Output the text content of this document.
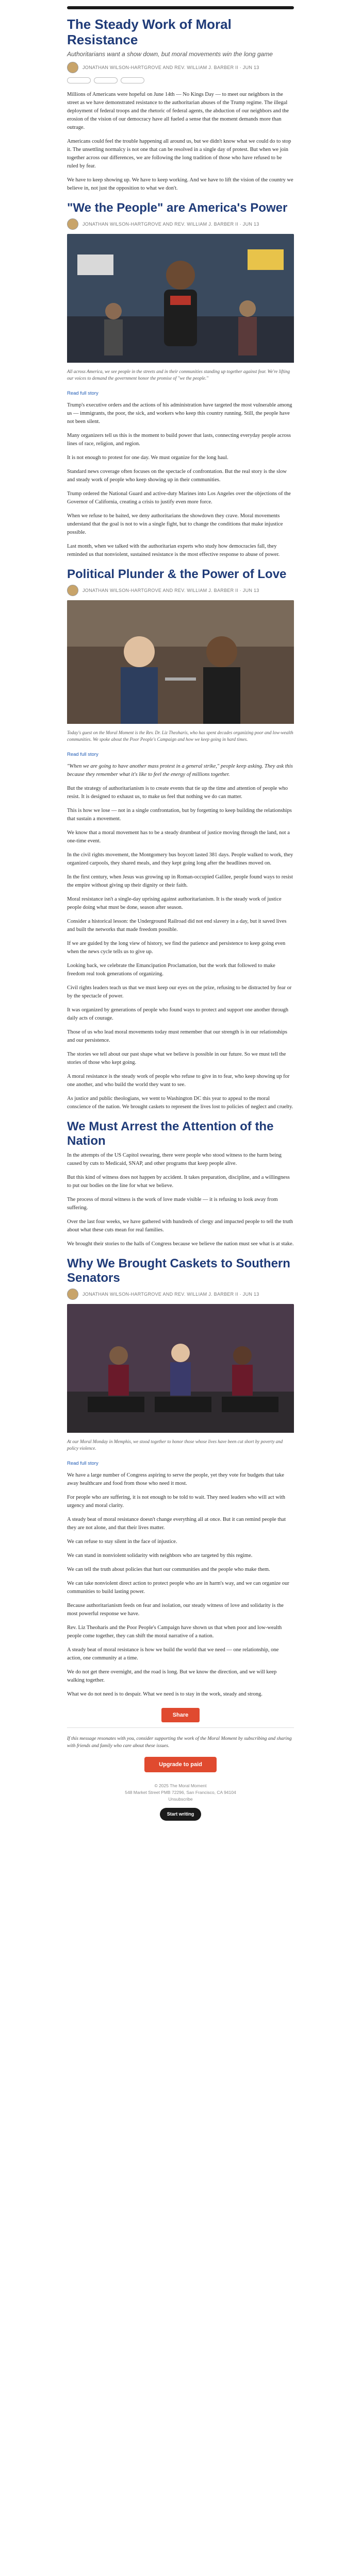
The Steady Work of Moral Resistance
Authoritarians want a show down, but moral movements win the long game
JONATHAN WILSON-HARTGROVE AND REV. WILLIAM J. BARBER II · JUN 13

Millions of Americans were hopeful on June 14th — No Kings Day — to meet our neighbors in the street as we have demonstrated resistance to the authoritarian abuses of the Trump regime. The illegal deployment of federal troops and the rhetoric of federal agents, the abduction of our neighbors and the erosion of the vision of our democracy have all fueled a sense that the moment demands more than outrage.

Americans could feel the trouble happening all around us, but we didn't know what we could do to stop it. The unsettling normalcy is not one that can be resolved in a single day of protest. But when we join together across our differences, we are following the long tradition of those who have refused to be ruled by fear.

We have to keep showing up. We have to keep working. And we have to lift the vision of the country we believe in, not just the opposition to what we don't.

"We the People" are America's Power
JONATHAN WILSON-HARTGROVE AND REV. WILLIAM J. BARBER II · JUN 13
All across America, we see people in the streets and in their communities standing up together against fear. We're lifting our voices to demand the government honor the promise of "we the people."
Read full story

Trump's executive orders and the actions of his administration have targeted the most vulnerable among us — immigrants, the poor, the sick, and workers who keep this country running. Still, the people have not been silent.

Many organizers tell us this is the moment to build power that lasts, connecting everyday people across lines of race, religion, and region.

It is not enough to protest for one day. We must organize for the long haul.

Standard news coverage often focuses on the spectacle of confrontation. But the real story is the slow and steady work of people who keep showing up in their communities.

Trump ordered the National Guard and active-duty Marines into Los Angeles over the objections of the Governor of California, creating a crisis to justify even more force.

When we refuse to be baited, we deny authoritarians the showdown they crave. Moral movements understand that the goal is not to win a single fight, but to change the conditions that make injustice possible.

Last month, when we talked with the authoritarian experts who study how democracies fall, they reminded us that nonviolent, sustained resistance is the most effective response to abuse of power.

Political Plunder & the Power of Love
JONATHAN WILSON-HARTGROVE AND REV. WILLIAM J. BARBER II · JUN 13
Today's guest on the Moral Moment is the Rev. Dr. Liz Theoharis, who has spent decades organizing poor and low-wealth communities. We spoke about the Poor People's Campaign and how we keep going in hard times.
Read full story

"When we are going to have another mass protest in a general strike," people keep asking. They ask this because they remember what it's like to feel the energy of millions together.

But the strategy of authoritarianism is to create events that tie up the time and attention of people who resist. It is designed to exhaust us, to make us feel that nothing we do can matter.

This is how we lose — not in a single confrontation, but by forgetting to keep building the relationships that sustain a movement.

We know that a moral movement has to be a steady drumbeat of justice moving through the land, not a one-time event.

In the civil rights movement, the Montgomery bus boycott lasted 381 days. People walked to work, they organized carpools, they shared meals, and they kept going long after the headlines moved on.

In the first century, when Jesus was growing up in Roman-occupied Galilee, people found ways to resist the empire without giving up their dignity or their faith.

Moral resistance isn't a single-day uprising against authoritarianism. It is the steady work of justice people doing what must be done, season after season.

Consider a historical lesson: the Underground Railroad did not end slavery in a day, but it saved lives and built the networks that made freedom possible.

If we are guided by the long view of history, we find the patience and persistence to keep going even when the news cycle tells us to give up.

Looking back, we celebrate the Emancipation Proclamation, but the work that followed to make freedom real took generations of organizing.

Civil rights leaders teach us that we must keep our eyes on the prize, refusing to be distracted by fear or by the spectacle of power.

It was organized by generations of people who found ways to protect and support one another through daily acts of courage.

Those of us who lead moral movements today must remember that our strength is in our relationships and our persistence.

The stories we tell about our past shape what we believe is possible in our future. So we must tell the stories of those who kept going.

A moral resistance is the steady work of people who refuse to give in to fear, who keep showing up for one another, and who build the world they want to see.

As justice and public theologians, we went to Washington DC this year to appeal to the moral conscience of the nation. We brought caskets to represent the lives lost to policies of neglect and cruelty.

We Must Arrest the Attention of the Nation

In the attempts of the US Capitol swearing, there were people who stood witness to the harm being caused by cuts to Medicaid, SNAP, and other programs that keep people alive.

But this kind of witness does not happen by accident. It takes preparation, discipline, and a willingness to put our bodies on the line for what we believe.

The process of moral witness is the work of love made visible — it is refusing to look away from suffering.

Over the last four weeks, we have gathered with hundreds of clergy and impacted people to tell the truth about what these cuts mean for real families.

We brought their stories to the halls of Congress because we believe the nation must see what is at stake.

Why We Brought Caskets to Southern Senators
JONATHAN WILSON-HARTGROVE AND REV. WILLIAM J. BARBER II · JUN 13
At our Moral Monday in Memphis, we stood together to honor those whose lives have been cut short by poverty and policy violence.
Read full story

We have a large number of Congress aspiring to serve the people, yet they vote for budgets that take away healthcare and food from those who need it most.

For people who are suffering, it is not enough to be told to wait. They need leaders who will act with urgency and moral clarity.

A steady beat of moral resistance doesn't change everything all at once. But it can remind people that they are not alone, and that their lives matter.

We can refuse to stay silent in the face of injustice.

We can stand in nonviolent solidarity with neighbors who are targeted by this regime.

We can tell the truth about policies that hurt our communities and the people who make them.

We can take nonviolent direct action to protect people who are in harm's way, and we can organize our communities to build lasting power.

Because authoritarianism feeds on fear and isolation, our steady witness of love and solidarity is the most powerful response we have.

Rev. Liz Theoharis and the Poor People's Campaign have shown us that when poor and low-wealth people come together, they can shift the moral narrative of a nation.

A steady beat of moral resistance is how we build the world that we need — one relationship, one action, one community at a time.

We do not get there overnight, and the road is long. But we know the direction, and we will keep walking together.

What we do not need is to despair. What we need is to stay in the work, steady and strong.

Share

If this message resonates with you, consider supporting the work of the Moral Moment by subscribing and sharing with friends and family who care about these issues.

Upgrade to paid
© 2025 The Moral Moment
548 Market Street PMB 72296, San Francisco, CA 94104
Unsubscribe
Start writing
